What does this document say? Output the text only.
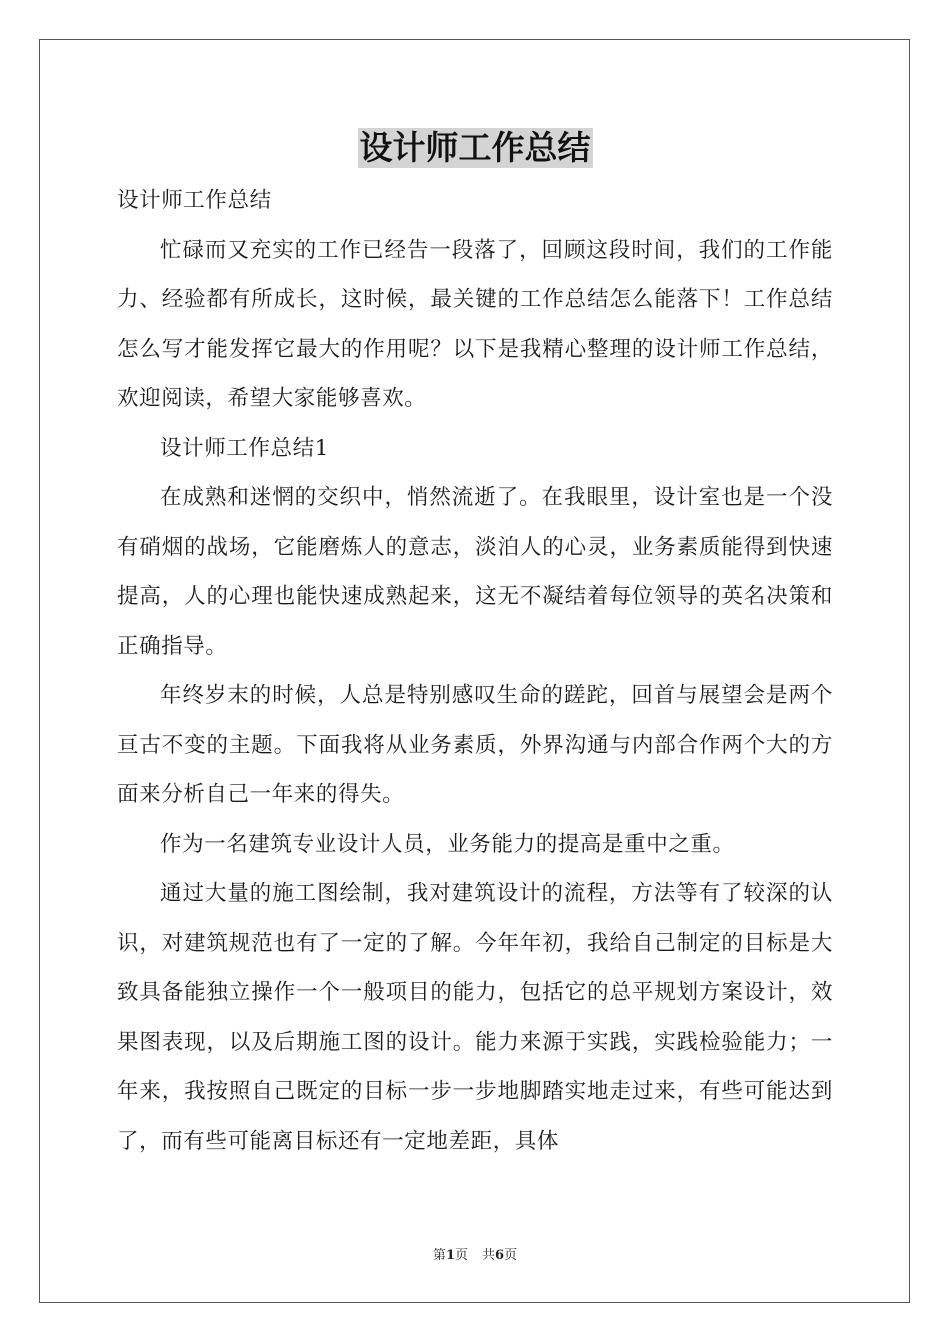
设计师工作总结

设计师工作总结

忙碌而又充实的工作已经告一段落了，回顾这段时间，我们的工作能力、经验都有所成长，这时候，最关键的工作总结怎么能落下！工作总结怎么写才能发挥它最大的作用呢？以下是我精心整理的设计师工作总结，欢迎阅读，希望大家能够喜欢。

设计师工作总结1

在成熟和迷惘的交织中，悄然流逝了。在我眼里，设计室也是一个没有硝烟的战场，它能磨炼人的意志，淡泊人的心灵，业务素质能得到快速提高，人的心理也能快速成熟起来，这无不凝结着每位领导的英名决策和正确指导。

年终岁末的时候，人总是特别感叹生命的蹉跎，回首与展望会是两个亘古不变的主题。下面我将从业务素质，外界沟通与内部合作两个大的方面来分析自己一年来的得失。

作为一名建筑专业设计人员，业务能力的提高是重中之重。

通过大量的施工图绘制，我对建筑设计的流程，方法等有了较深的认识，对建筑规范也有了一定的了解。今年年初，我给自己制定的目标是大致具备能独立操作一个一般项目的能力，包括它的总平规划方案设计，效果图表现，以及后期施工图的设计。能力来源于实践，实践检验能力；一年来，我按照自己既定的目标一步一步地脚踏实地走过来，有些可能达到了，而有些可能离目标还有一定地差距，具体

第1页 共6页
